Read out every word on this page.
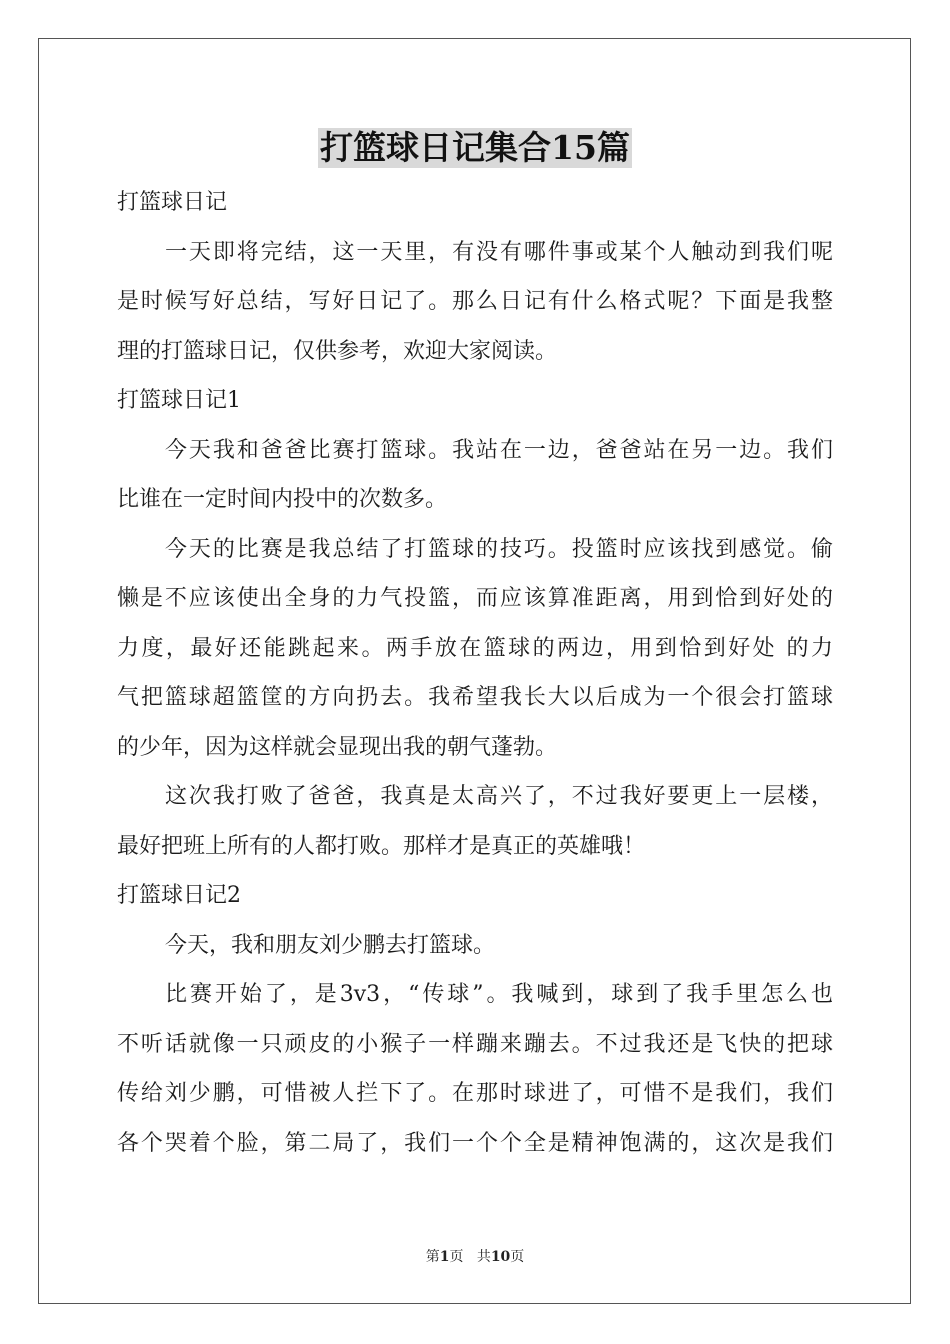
打篮球日记集合15篇

打篮球日记

一天即将完结，这一天里，有没有哪件事或某个人触动到我们呢
是时候写好总结，写好日记了。那么日记有什么格式呢？下面是我整
理的打篮球日记，仅供参考，欢迎大家阅读。

打篮球日记1

今天我和爸爸比赛打篮球。我站在一边，爸爸站在另一边。我们
比谁在一定时间内投中的次数多。

今天的比赛是我总结了打篮球的技巧。投篮时应该找到感觉。偷
懒是不应该使出全身的力气投篮，而应该算准距离，用到恰到好处的
力度，最好还能跳起来。两手放在篮球的两边，用到恰到好处 的力
气把篮球超篮筐的方向扔去。我希望我长大以后成为一个很会打篮球
的少年，因为这样就会显现出我的朝气蓬勃。

这次我打败了爸爸，我真是太高兴了，不过我好要更上一层楼，
最好把班上所有的人都打败。那样才是真正的英雄哦！

打篮球日记2

今天，我和朋友刘少鹏去打篮球。

比赛开始了，是3v3，“传球”。我喊到，球到了我手里怎么也
不听话就像一只顽皮的小猴子一样蹦来蹦去。不过我还是飞快的把球
传给刘少鹏，可惜被人拦下了。在那时球进了，可惜不是我们，我们
各个哭着个脸，第二局了，我们一个个全是精神饱满的，这次是我们

第1页 共10页
